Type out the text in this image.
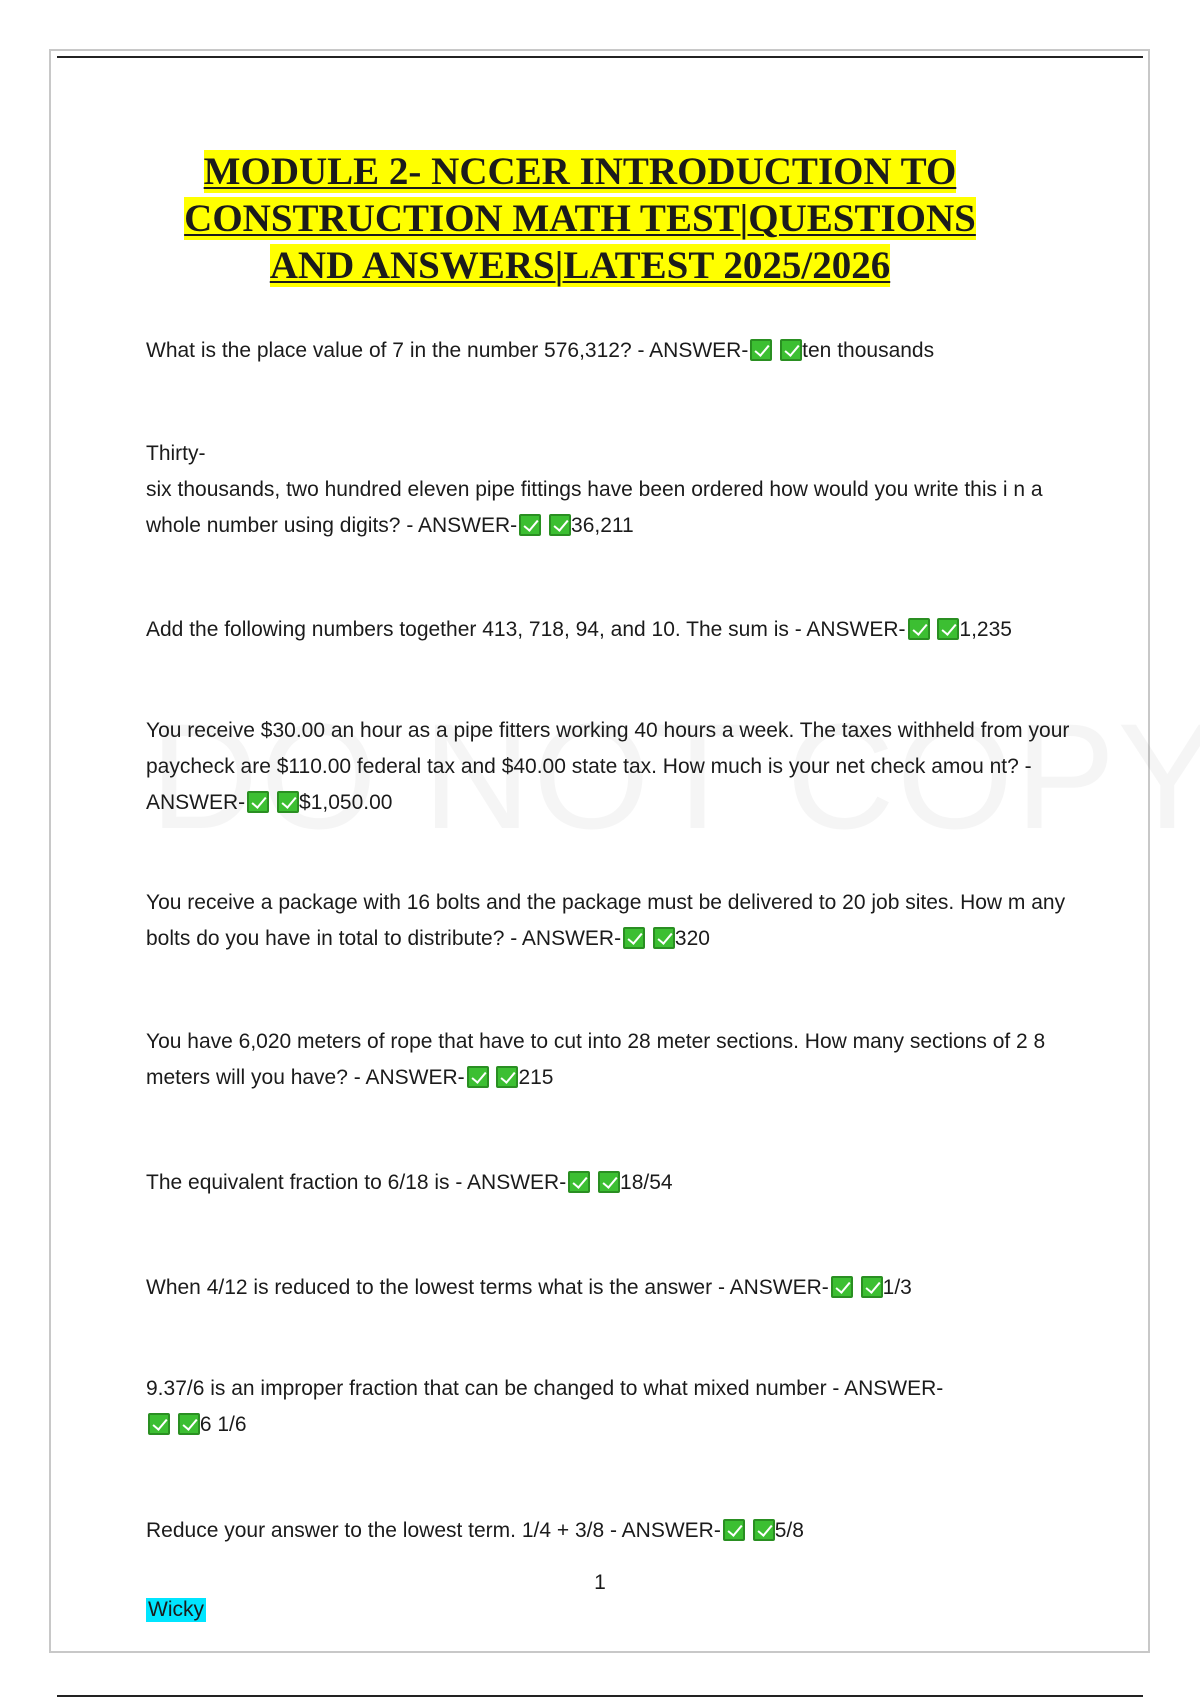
MODULE 2- NCCER INTRODUCTION TO
CONSTRUCTION MATH TEST|QUESTIONS
AND ANSWERS|LATEST 2025/2026
What is the place value of 7 in the number 576,312? - ANSWER-	ten thousands
Thirty-
six thousands, two hundred eleven pipe fittings have been ordered how would you write this i n a whole number using digits? - ANSWER-	36,211
Add the following numbers together 413, 718, 94, and 10. The sum is - ANSWER-	1,235
You receive $30.00 an hour as a pipe fitters working 40 hours a week. The taxes withheld from your paycheck are $110.00 federal tax and $40.00 state tax. How much is your net check amou nt? - ANSWER-	$1,050.00
You receive a package with 16 bolts and the package must be delivered to 20 job sites. How m any bolts do you have in total to distribute? - ANSWER-	320
You have 6,020 meters of rope that have to cut into 28 meter sections. How many sections of 2 8 meters will you have? - ANSWER-	215
The equivalent fraction to 6/18 is - ANSWER-	18/54
When 4/12 is reduced to the lowest terms what is the answer - ANSWER-	1/3
9.37/6 is an improper fraction that can be changed to what mixed number - ANSWER-
6 1/6
Reduce your answer to the lowest term. 1/4 + 3/8 - ANSWER-	5/8
1
Wicky
